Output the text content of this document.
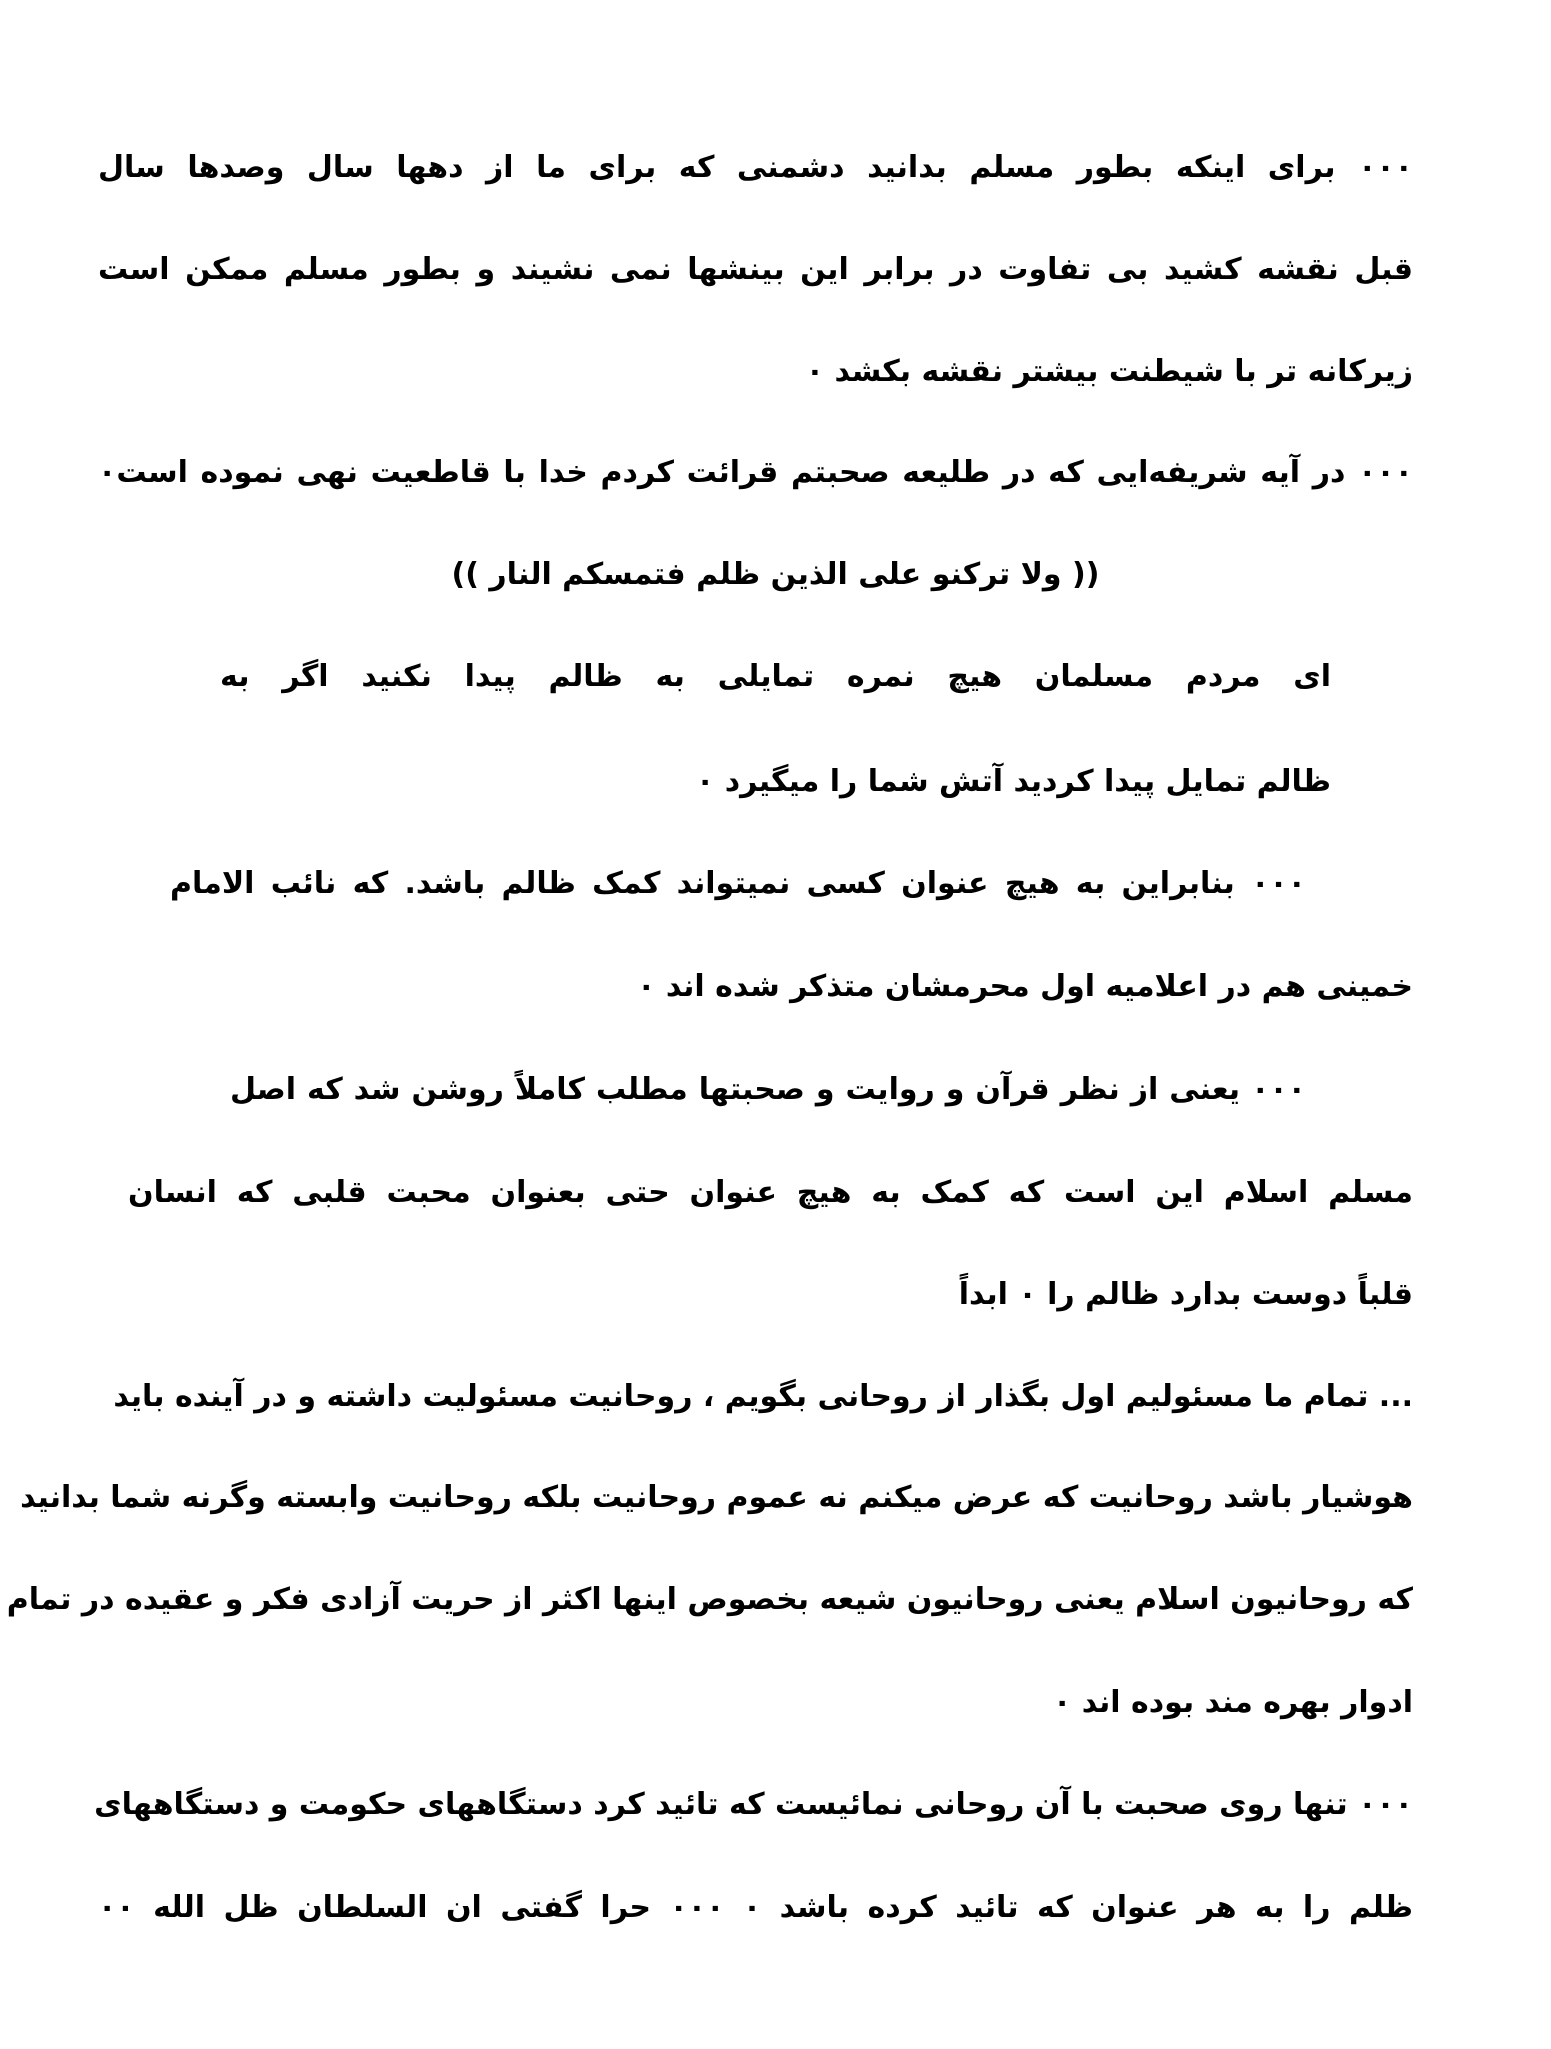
۰۰۰ برای اینکه بطور مسلم بدانید دشمنی که برای ما از دهها سال وصدها سال
قبل نقشه کشید بی تفاوت در برابر این بینشها نمی نشیند و بطور مسلم ممکن است
زیرکانه تر با شیطنت بیشتر نقشه بکشد ۰
۰۰۰ در آیه شریفه‌ایی که در طلیعه صحبتم قرائت کردم خدا با قاطعیت نهی نموده است۰
(( ولا ترکنو علی الذین ظلم فتمسکم النار ))
ای مردم مسلمان هیچ نمره تمایلی به ظالم پیدا نکنید اگر به
ظالم تمایل پیدا کردید آتش شما را میگیرد ۰
۰۰۰ بنابراین به هیچ عنوان کسی نمیتواند کمک ظالم باشد. که نائب الامام
خمینی هم در اعلامیه اول محرمشان متذکر شده اند ۰
۰۰۰ یعنی از نظر قرآن و روایت و صحبتها مطلب کاملاً روشن شد که اصل
مسلم اسلام این است که کمک به هیچ عنوان حتی بعنوان محبت قلبی که انسان
قلباً دوست بدارد ظالم را ۰ ابداً
... تمام ما مسئولیم اول بگذار از روحانی بگویم ، روحانیت مسئولیت داشته و در آینده باید
هوشیار باشد روحانیت که عرض میکنم نه عموم روحانیت بلکه روحانیت وابسته وگرنه شما بدانید
که روحانیون اسلام یعنی روحانیون شیعه بخصوص اینها اکثر از حریت آزادی فکر و عقیده در تمام
ادوار بهره مند بوده اند ۰
۰۰۰ تنها روی صحبت با آن روحانی نمائیست که تائید کرد دستگاههای حکومت و دستگاههای
ظلم را به هر عنوان که تائید کرده باشد ۰ ۰۰۰ حرا گفتی ان السلطان ظل الله ۰۰
